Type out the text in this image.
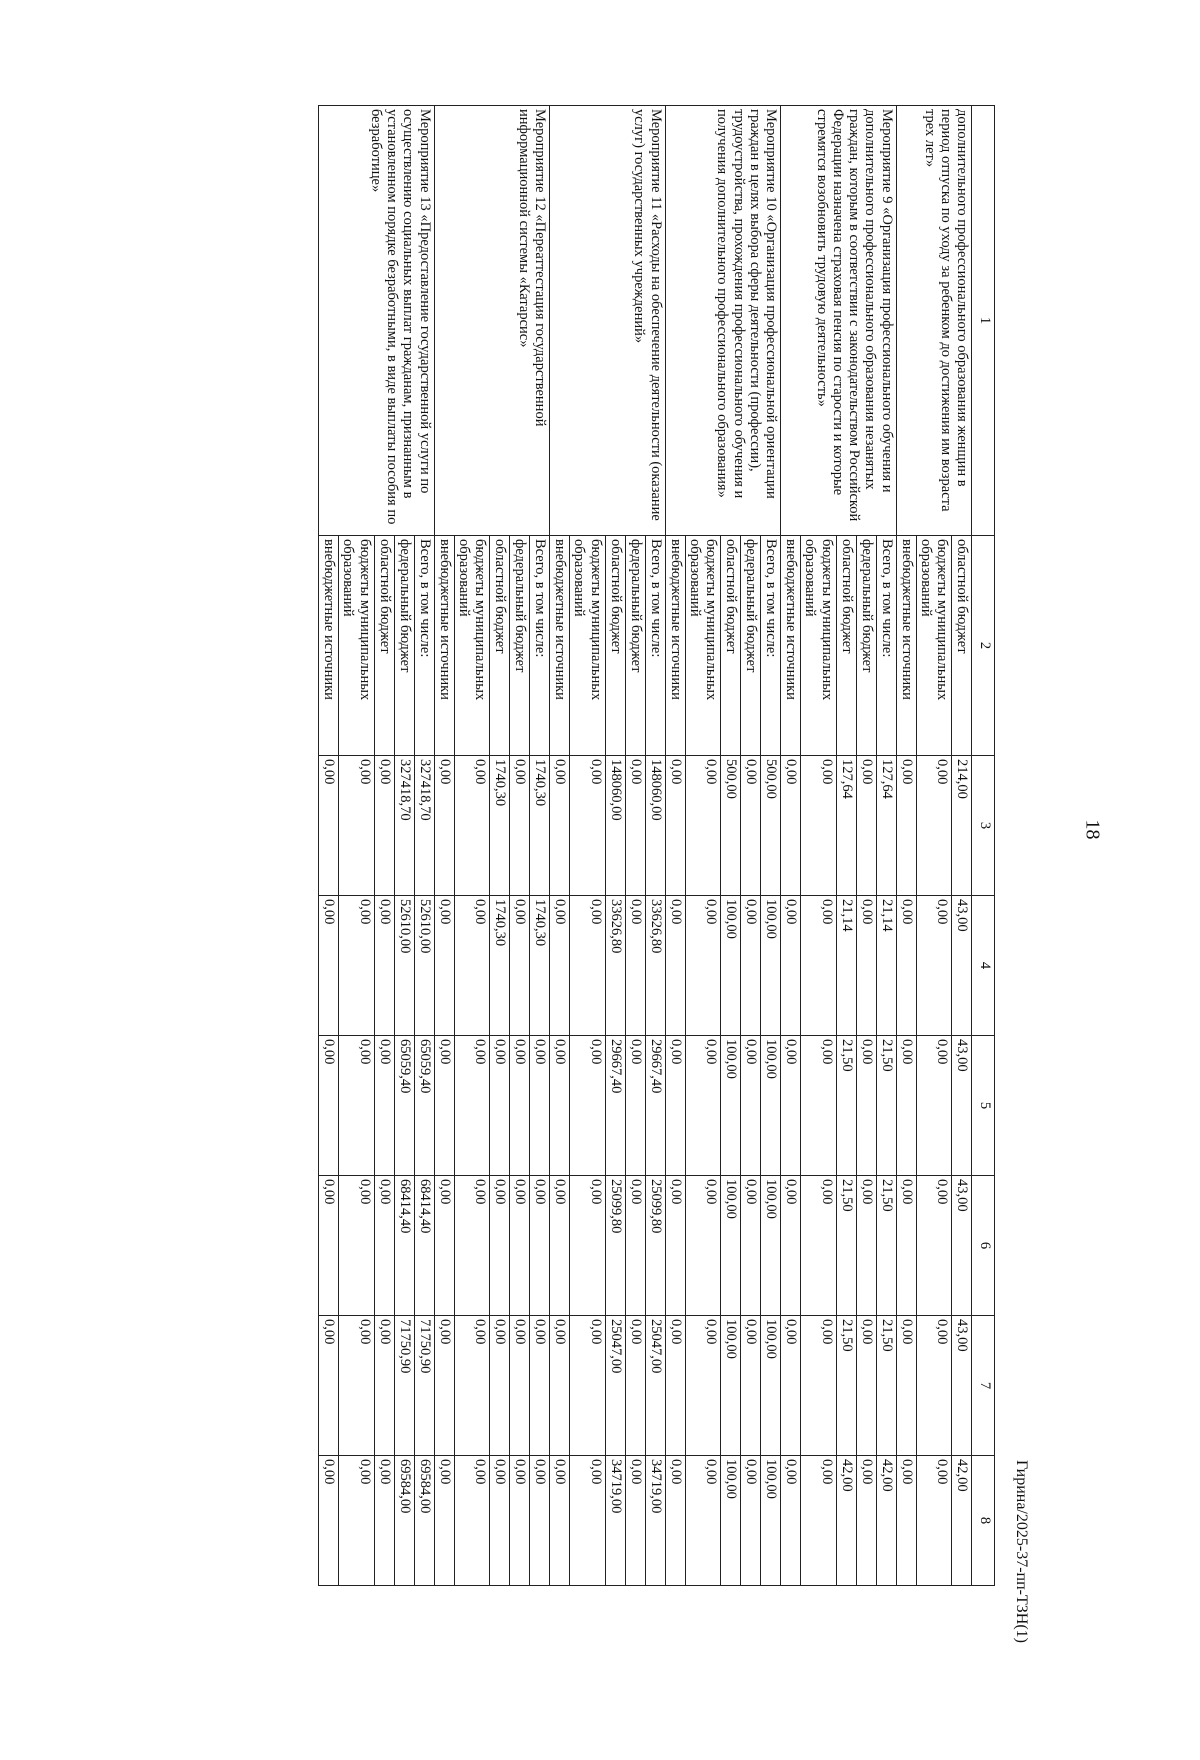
18
Гирина/2025-37-пп-ТЗН(1)
1	2	3	4	5	6	7	8
дополнительного профессионального образования женщин в период отпуска по уходу за ребенком до достижения им возраста трех лет»	областной бюджет	214,00	43,00	43,00	43,00	43,00	42,00
	бюджеты муниципальных образований	0,00	0,00	0,00	0,00	0,00	0,00
	внебюджетные источники	0,00	0,00	0,00	0,00	0,00	0,00
Мероприятие 9 «Организация профессионального обучения и дополнительного профессионального образования незанятых граждан, которым в соответствии с законодательством Российской Федерации назначена страховая пенсия по старости и которые стремятся возобновить трудовую деятельность»	Всего, в том числе:	127,64	21,14	21,50	21,50	21,50	42,00
	федеральный бюджет	0,00	0,00	0,00	0,00	0,00	0,00
	областной бюджет	127,64	21,14	21,50	21,50	21,50	42,00
	бюджеты муниципальных образований	0,00	0,00	0,00	0,00	0,00	0,00
	внебюджетные источники	0,00	0,00	0,00	0,00	0,00	0,00
Мероприятие 10 «Организация профессиональной ориентации граждан в целях выбора сферы деятельности (профессии), трудоустройства, прохождения профессионального обучения и получения дополнительного профессионального образования»	Всего, в том числе:	500,00	100,00	100,00	100,00	100,00	100,00
	федеральный бюджет	0,00	0,00	0,00	0,00	0,00	0,00
	областной бюджет	500,00	100,00	100,00	100,00	100,00	100,00
	бюджеты муниципальных образований	0,00	0,00	0,00	0,00	0,00	0,00
	внебюджетные источники	0,00	0,00	0,00	0,00	0,00	0,00
Мероприятие 11 «Расходы на обеспечение деятельности (оказание услуг) государственных учреждений»	Всего, в том числе:	148060,00	33626,80	29667,40	25099,80	25047,00	34719,00
	федеральный бюджет	0,00	0,00	0,00	0,00	0,00	0,00
	областной бюджет	148060,00	33626,80	29667,40	25099,80	25047,00	34719,00
	бюджеты муниципальных образований	0,00	0,00	0,00	0,00	0,00	0,00
	внебюджетные источники	0,00	0,00	0,00	0,00	0,00	0,00
Мероприятие 12 «Переаттестация государственной информационной системы «Катарсис»	Всего, в том числе:	1740,30	1740,30	0,00	0,00	0,00	0,00
	федеральный бюджет	0,00	0,00	0,00	0,00	0,00	0,00
	областной бюджет	1740,30	1740,30	0,00	0,00	0,00	0,00
	бюджеты муниципальных образований	0,00	0,00	0,00	0,00	0,00	0,00
	внебюджетные источники	0,00	0,00	0,00	0,00	0,00	0,00
Мероприятие 13 «Предоставление государственной услуги по осуществлению социальных выплат гражданам, признанным в установленном порядке безработными, в виде выплаты пособия по безработице»	Всего, в том числе:	327418,70	52610,00	65059,40	68414,40	71750,90	69584,00
	федеральный бюджет	327418,70	52610,00	65059,40	68414,40	71750,90	69584,00
	областной бюджет	0,00	0,00	0,00	0,00	0,00	0,00
	бюджеты муниципальных образований	0,00	0,00	0,00	0,00	0,00	0,00
	внебюджетные источники	0,00	0,00	0,00	0,00	0,00	0,00
